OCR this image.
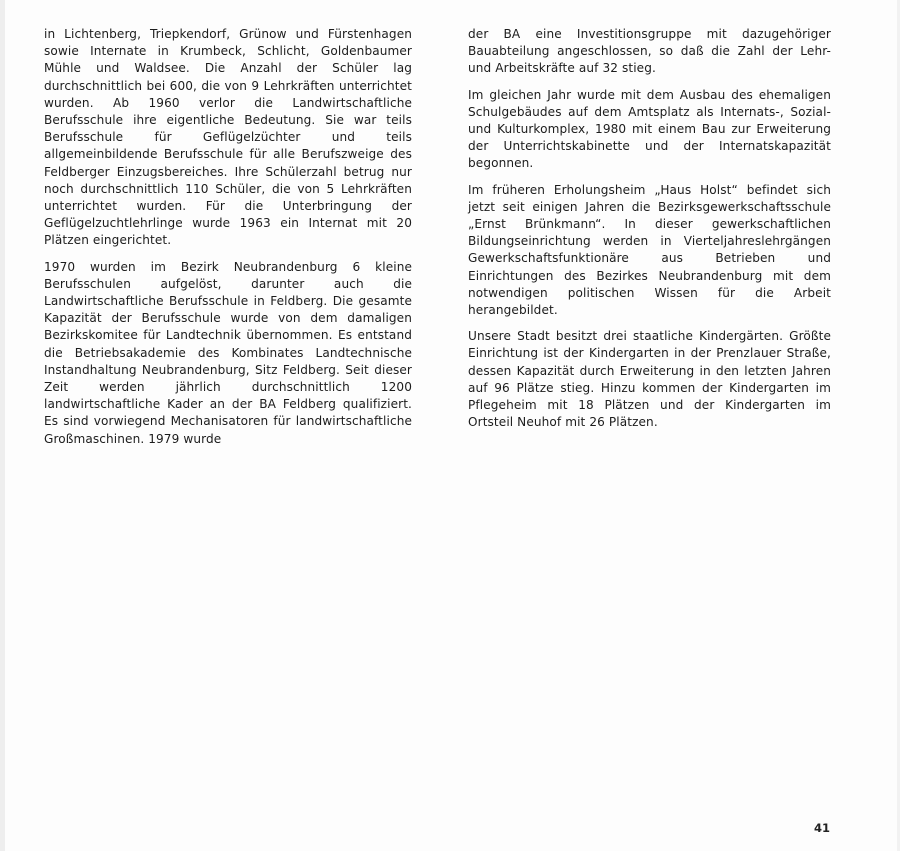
in Lichtenberg, Triepkendorf, Grünow und Fürstenhagen sowie Internate in Krumbeck, Schlicht, Goldenbaumer Mühle und Waldsee. Die Anzahl der Schüler lag durchschnittlich bei 600, die von 9 Lehrkräften unterrichtet wurden. Ab 1960 verlor die Landwirtschaftliche Berufsschule ihre eigentliche Bedeutung. Sie war teils Berufsschule für Geflügelzüchter und teils allgemeinbildende Berufsschule für alle Berufszweige des Feldberger Einzugsbereiches. Ihre Schülerzahl betrug nur noch durchschnittlich 110 Schüler, die von 5 Lehrkräften unterrichtet wurden. Für die Unterbringung der Geflügelzuchtlehrlinge wurde 1963 ein Internat mit 20 Plätzen eingerichtet.

1970 wurden im Bezirk Neubrandenburg 6 kleine Berufsschulen aufgelöst, darunter auch die Landwirtschaftliche Berufsschule in Feldberg. Die gesamte Kapazität der Berufsschule wurde von dem damaligen Bezirkskomitee für Landtechnik übernommen. Es entstand die Betriebsakademie des Kombinates Landtechnische Instandhaltung Neubrandenburg, Sitz Feldberg. Seit dieser Zeit werden jährlich durchschnittlich 1200 landwirtschaftliche Kader an der BA Feldberg qualifiziert. Es sind vorwiegend Mechanisatoren für landwirtschaftliche Großmaschinen. 1979 wurde

der BA eine Investitionsgruppe mit dazugehöriger Bauabteilung angeschlossen, so daß die Zahl der Lehr- und Arbeitskräfte auf 32 stieg.

Im gleichen Jahr wurde mit dem Ausbau des ehemaligen Schulgebäudes auf dem Amtsplatz als Internats-, Sozial- und Kulturkomplex, 1980 mit einem Bau zur Erweiterung der Unterrichtskabinette und der Internatskapazität begonnen.

Im früheren Erholungsheim „Haus Holst“ befindet sich jetzt seit einigen Jahren die Bezirksgewerkschaftsschule „Ernst Brünkmann“. In dieser gewerkschaftlichen Bildungseinrichtung werden in Vierteljahreslehrgängen Gewerkschaftsfunktionäre aus Betrieben und Einrichtungen des Bezirkes Neubrandenburg mit dem notwendigen politischen Wissen für die Arbeit herangebildet.

Unsere Stadt besitzt drei staatliche Kindergärten. Größte Einrichtung ist der Kindergarten in der Prenzlauer Straße, dessen Kapazität durch Erweiterung in den letzten Jahren auf 96 Plätze stieg. Hinzu kommen der Kindergarten im Pflegeheim mit 18 Plätzen und der Kindergarten im Ortsteil Neuhof mit 26 Plätzen.

41
